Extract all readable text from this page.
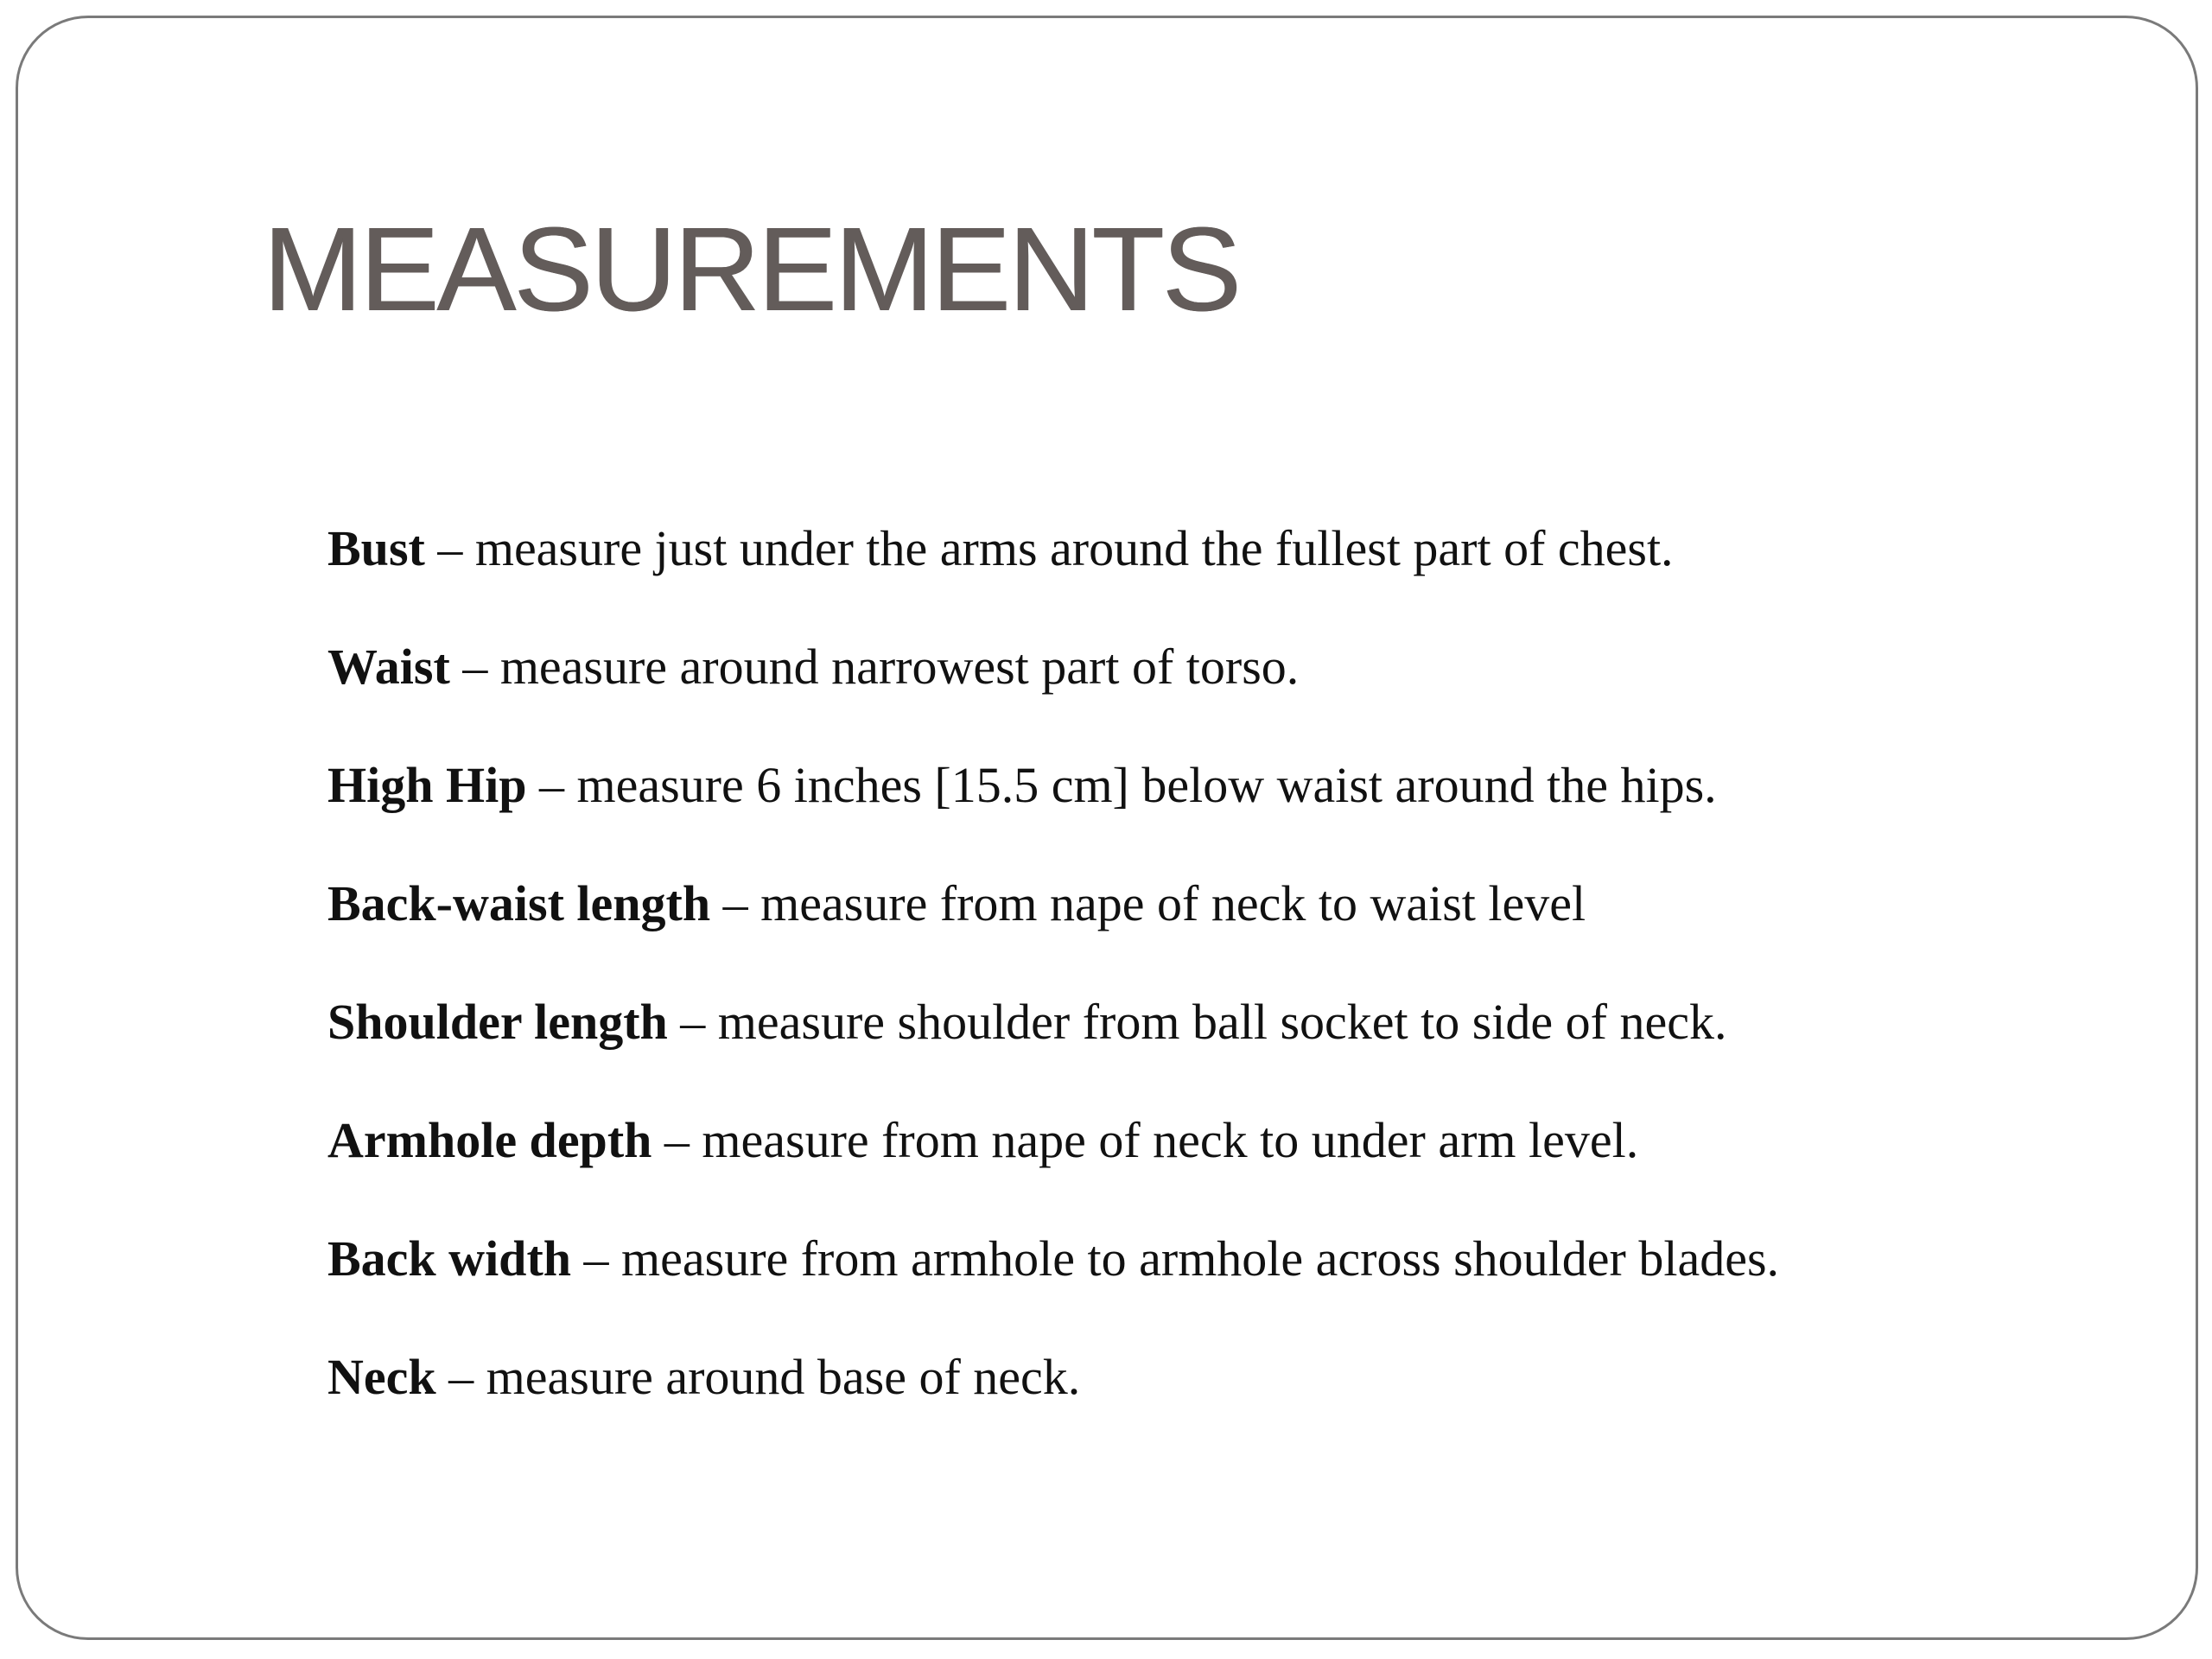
MEASUREMENTS
Bust – measure just under the arms around the fullest part of chest.
Waist – measure around narrowest part of torso.
High Hip – measure 6 inches [15.5 cm] below waist around the hips.
Back-waist length – measure from nape of neck to waist level
Shoulder length – measure shoulder from ball socket to side of neck.
Armhole depth – measure from nape of neck to under arm level.
Back width – measure from armhole to armhole across shoulder blades.
Neck – measure around base of neck.
